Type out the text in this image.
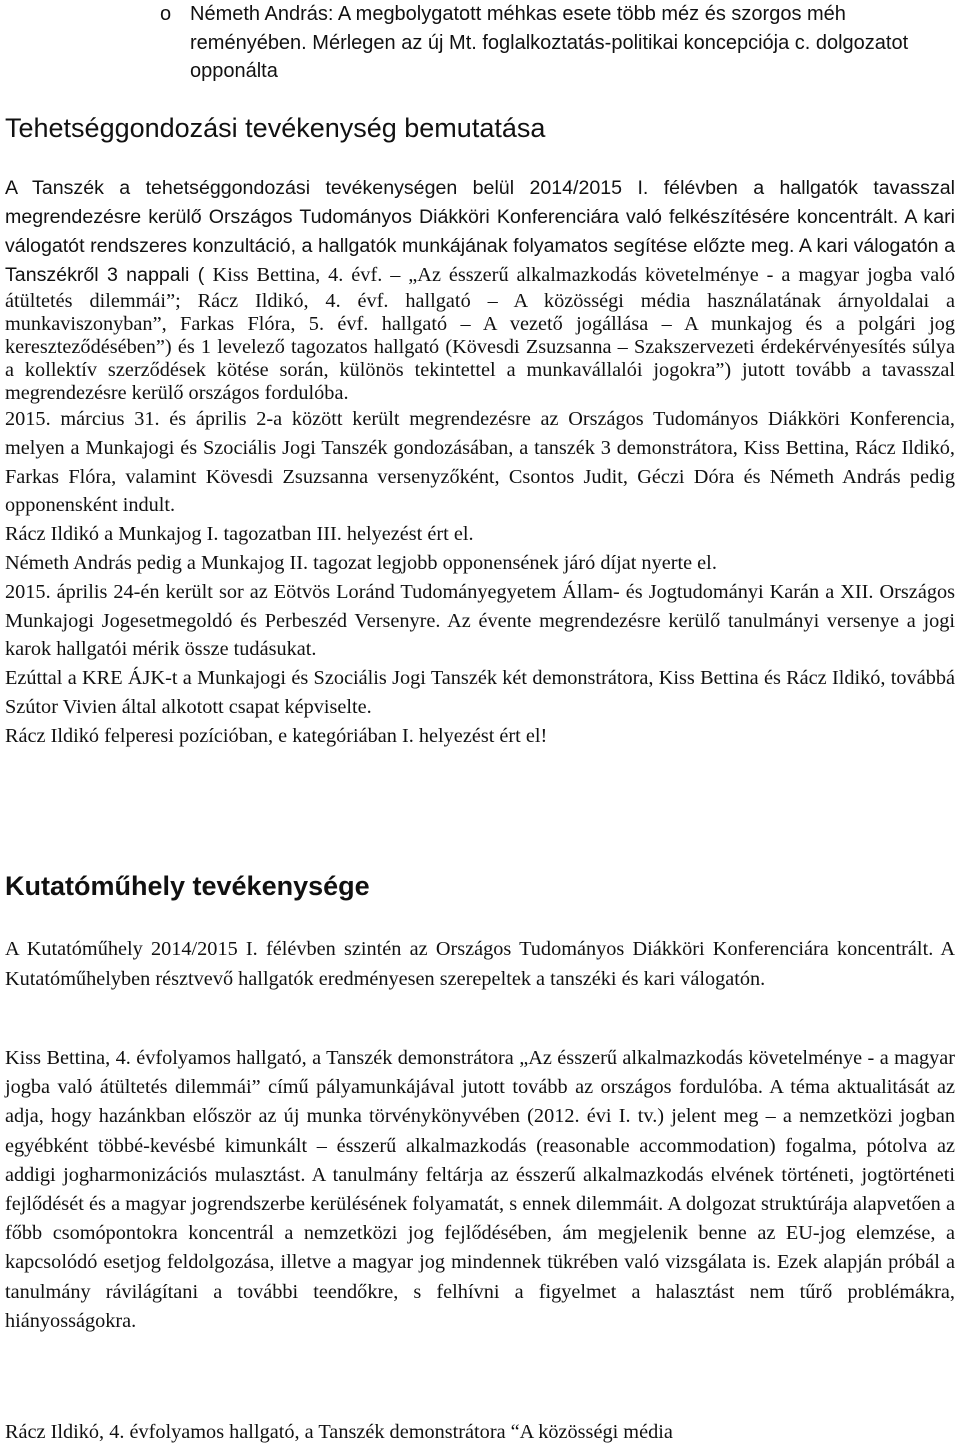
o Németh András: A megbolygatott méhkas esete több méz és szorgos méh reményében. Mérlegen az új Mt. foglalkoztatás-politikai koncepciója c. dolgozatot opponálta
Tehetséggondozási tevékenység bemutatása
A Tanszék a tehetséggondozási tevékenységen belül 2014/2015 I. félévben a hallgatók tavasszal megrendezésre kerülő Országos Tudományos Diákköri Konferenciára való felkészítésére koncentrált. A kari válogatót rendszeres konzultáció, a hallgatók munkájának folyamatos segítése előzte meg. A kari válogatón a Tanszékről 3 nappali ( Kiss Bettina, 4. évf. – „Az ésszerű alkalmazkodás követelménye - a magyar jogba való átültetés dilemmái”; Rácz Ildikó, 4. évf. hallgató – A közösségi média használatának árnyoldalai a munkaviszonyban”, Farkas Flóra, 5. évf. hallgató – A vezető jogállása – A munkajog és a polgári jog kereszteződésében”) és 1 levelező tagozatos hallgató (Kövesdi Zsuzsanna – Szakszervezeti érdekérvényesítés súlya a kollektív szerződések kötése során, különös tekintettel a munkavállalói jogokra”) jutott tovább a tavasszal megrendezésre kerülő országos fordulóba.
2015. március 31. és április 2-a között került megrendezésre az Országos Tudományos Diákköri Konferencia, melyen a Munkajogi és Szociális Jogi Tanszék gondozásában, a tanszék 3 demonstrátora, Kiss Bettina, Rácz Ildikó, Farkas Flóra, valamint Kövesdi Zsuzsanna versenyzőként, Csontos Judit, Géczi Dóra és Németh András pedig opponensként indult.
Rácz Ildikó a Munkajog I. tagozatban III. helyezést ért el.
Németh András pedig a Munkajog II. tagozat legjobb opponensének járó díjat nyerte el.
2015. április 24-én került sor az Eötvös Loránd Tudományegyetem Állam- és Jogtudományi Karán a XII. Országos Munkajogi Jogesetmegoldó és Perbeszéd Versenyre. Az évente megrendezésre kerülő tanulmányi versenye a jogi karok hallgatói mérik össze tudásukat.
Ezúttal a KRE ÁJK-t a Munkajogi és Szociális Jogi Tanszék két demonstrátora, Kiss Bettina és Rácz Ildikó, továbbá Szútor Vivien által alkotott csapat képviselte.
Rácz Ildikó felperesi pozícióban, e kategóriában I. helyezést ért el!
Kutatóműhely tevékenysége

A Kutatóműhely 2014/2015 I. félévben szintén az Országos Tudományos Diákköri Konferenciára koncentrált. A Kutatóműhelyben résztvevő hallgatók eredményesen szerepeltek a tanszéki és kari válogatón.

Kiss Bettina, 4. évfolyamos hallgató, a Tanszék demonstrátora „Az ésszerű alkalmazkodás követelménye - a magyar jogba való átültetés dilemmái” című pályamunkájával jutott tovább az országos fordulóba. A téma aktualitását az adja, hogy hazánkban először az új munka törvénykönyvében (2012. évi I. tv.) jelent meg – a nemzetközi jogban egyébként többé-kevésbé kimunkált – ésszerű alkalmazkodás (reasonable accommodation) fogalma, pótolva az addigi jogharmonizációs mulasztást. A tanulmány feltárja az ésszerű alkalmazkodás elvének történeti, jogtörténeti fejlődését és a magyar jogrendszerbe kerülésének folyamatát, s ennek dilemmáit. A dolgozat struktúrája alapvetően a főbb csomópontokra koncentrál a nemzetközi jog fejlődésében, ám megjelenik benne az EU-jog elemzése, a kapcsolódó esetjog feldolgozása, illetve a magyar jog mindennek tükrében való vizsgálata is. Ezek alapján próbál a tanulmány rávilágítani a további teendőkre, s felhívni a figyelmet a halasztást nem tűrő problémákra, hiányosságokra.

Rácz Ildikó, 4. évfolyamos hallgató, a Tanszék demonstrátora “A közösségi média
